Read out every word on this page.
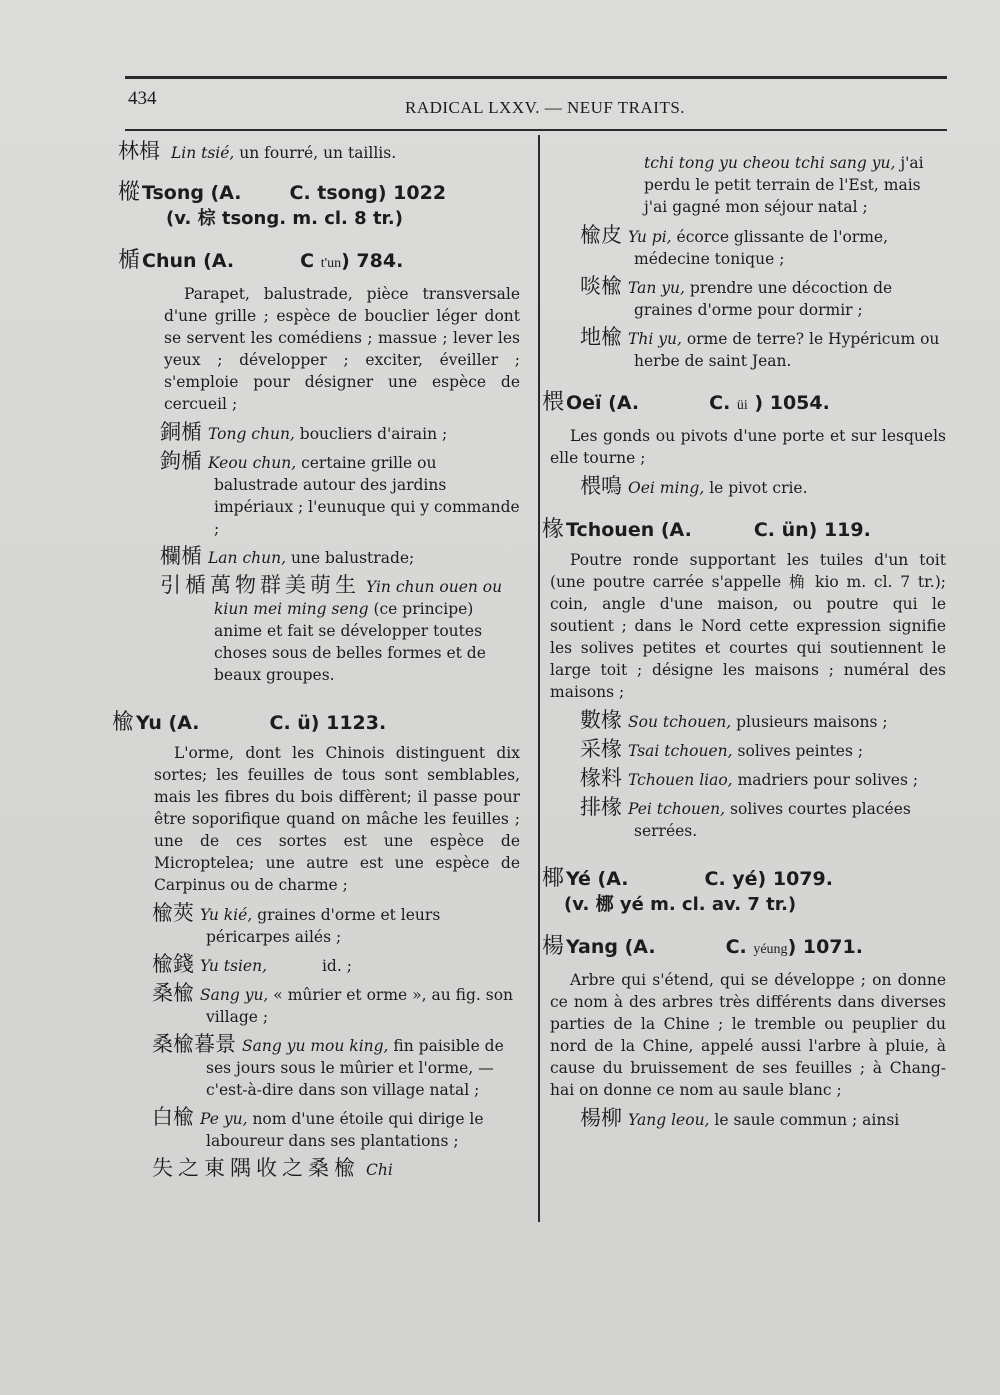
434	RADICAL LXXV. — NEUF TRAITS.
林楫 Lin tsié, un fourré, un taillis.
樅 Tsong (A.	C. tsong) 1022
(v. 棕 tsong. m. cl. 8 tr.)
楯 Chun (A.	C t'un) 784.
Parapet, balustrade, pièce transversale d'une grille ; espèce de bouclier léger dont se servent les comédiens ; massue ; lever les yeux ; développer ; exciter, éveiller ; s'emploie pour désigner une espèce de cercueil ;
銅楯 Tong chun, boucliers d'airain ;
鉤楯 Keou chun, certaine grille ou balustrade autour des jardins impériaux ; l'eunuque qui y commande ;
欄楯 Lan chun, une balustrade;
引楯萬物群美萌生 Yin chun ouen ou kiun mei ming seng (ce principe) anime et fait se développer toutes choses sous de belles formes et de beaux groupes.
楡 Yu (A.	C. ü) 1123.
L'orme, dont les Chinois distinguent dix sortes; les feuilles de tous sont semblables, mais les fibres du bois diffèrent; il passe pour être soporifique quand on mâche les feuilles ; une de ces sortes est une espèce de Microptelea; une autre est une espèce de Carpinus ou de charme ;
楡莢 Yu kié, graines d'orme et leurs péricarpes ailés ;
楡錢 Yu tsien,	id. ;
桑楡 Sang yu, « mûrier et orme », au fig. son village ;
桑楡暮景 Sang yu mou king, fin paisible de ses jours sous le mûrier et l'orme, — c'est-à-dire dans son village natal ;
白楡 Pe yu, nom d'une étoile qui dirige le laboureur dans ses plantations ;
失之東隅收之桑楡 Chi
tchi tong yu cheou tchi sang yu, j'ai perdu le petit terrain de l'Est, mais j'ai gagné mon séjour natal ;
楡皮 Yu pi, écorce glissante de l'orme, médecine tonique ;
啖楡 Tan yu, prendre une décoction de graines d'orme pour dormir ;
地楡 Thi yu, orme de terre? le Hypéricum ou herbe de saint Jean.
椳 Oeï (A.	C. üi ) 1054.
Les gonds ou pivots d'une porte et sur lesquels elle tourne ;
椳鳴 Oei ming, le pivot crie.
椽 Tchouen (A.	C. ün) 119.
Poutre ronde supportant les tuiles d'un toit (une poutre carrée s'appelle 桷 kio m. cl. 7 tr.); coin, angle d'une maison, ou poutre qui le soutient ; dans le Nord cette expression signifie les solives petites et courtes qui soutiennent le large toit ; désigne les maisons ; numéral des maisons ;
數椽 Sou tchouen, plusieurs maisons ;
采椽 Tsai tchouen, solives peintes ;
椽料 Tchouen liao, madriers pour solives ;
排椽 Pei tchouen, solives courtes placées serrées.
椰 Yé (A.	C. yé) 1079.
(v. 梛 yé m. cl. av. 7 tr.)
楊 Yang (A.	C. yéung) 1071.
Arbre qui s'étend, qui se développe ; on donne ce nom à des arbres très différents dans diverses parties de la Chine ; le tremble ou peuplier du nord de la Chine, appelé aussi l'arbre à pluie, à cause du bruissement de ses feuilles ; à Chang-hai on donne ce nom au saule blanc ;
楊柳 Yang leou, le saule commun ; ainsi
